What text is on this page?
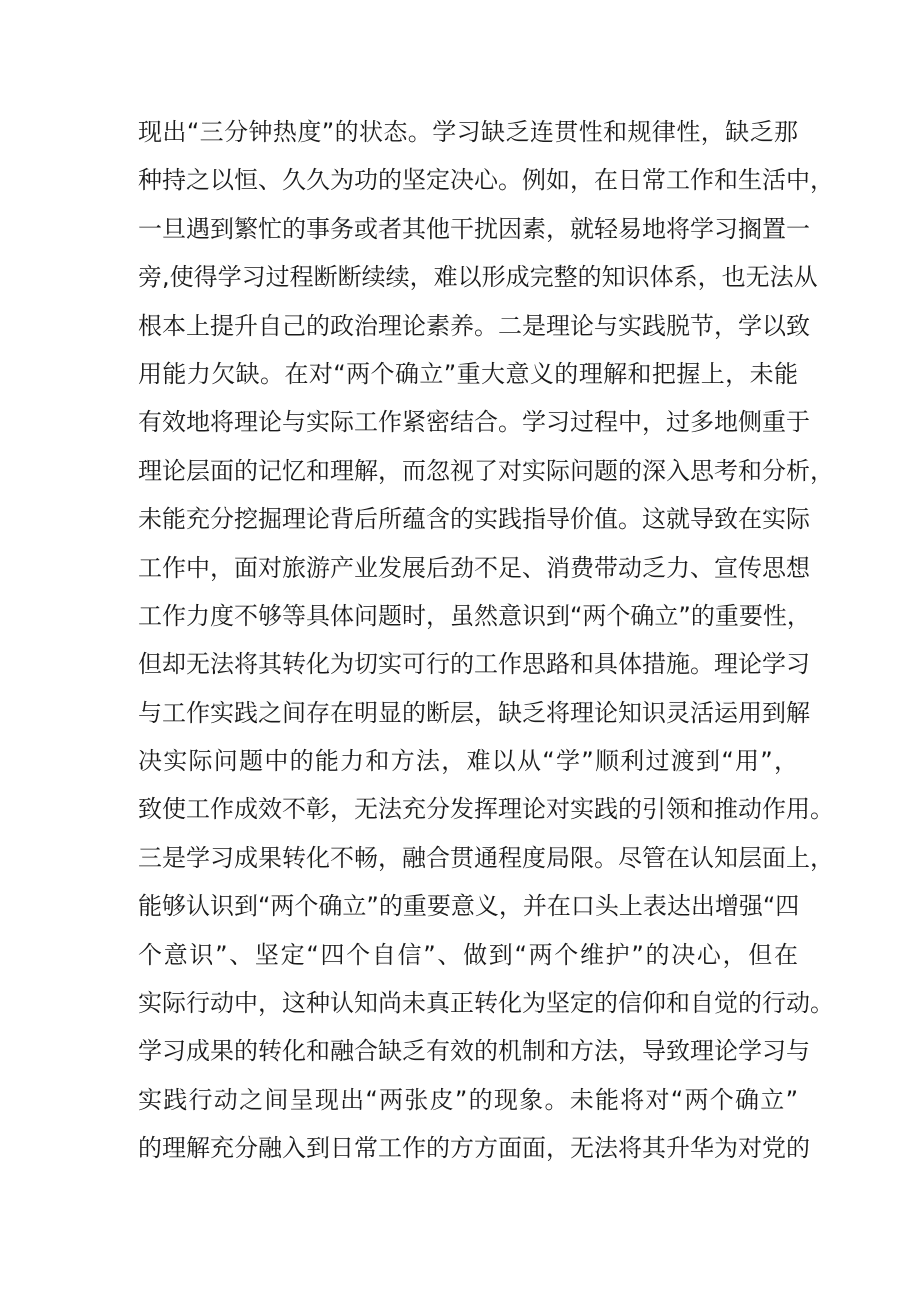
现出“三分钟热度”的状态。学习缺乏连贯性和规律性，缺乏那
种持之以恒、久久为功的坚定决心。例如，在日常工作和生活中，
一旦遇到繁忙的事务或者其他干扰因素，就轻易地将学习搁置一
旁,使得学习过程断断续续，难以形成完整的知识体系，也无法从
根本上提升自己的政治理论素养。二是理论与实践脱节，学以致
用能力欠缺。在对“两个确立”重大意义的理解和把握上，未能
有效地将理论与实际工作紧密结合。学习过程中，过多地侧重于
理论层面的记忆和理解，而忽视了对实际问题的深入思考和分析，
未能充分挖掘理论背后所蕴含的实践指导价值。这就导致在实际
工作中，面对旅游产业发展后劲不足、消费带动乏力、宣传思想
工作力度不够等具体问题时，虽然意识到“两个确立”的重要性，
但却无法将其转化为切实可行的工作思路和具体措施。理论学习
与工作实践之间存在明显的断层，缺乏将理论知识灵活运用到解
决实际问题中的能力和方法，难以从“学”顺利过渡到“用”，
致使工作成效不彰，无法充分发挥理论对实践的引领和推动作用。
三是学习成果转化不畅，融合贯通程度局限。尽管在认知层面上，
能够认识到“两个确立”的重要意义，并在口头上表达出增强“四
个意识”、坚定“四个自信”、做到“两个维护”的决心，但在
实际行动中，这种认知尚未真正转化为坚定的信仰和自觉的行动。
学习成果的转化和融合缺乏有效的机制和方法，导致理论学习与
实践行动之间呈现出“两张皮”的现象。未能将对“两个确立”
的理解充分融入到日常工作的方方面面，无法将其升华为对党的
